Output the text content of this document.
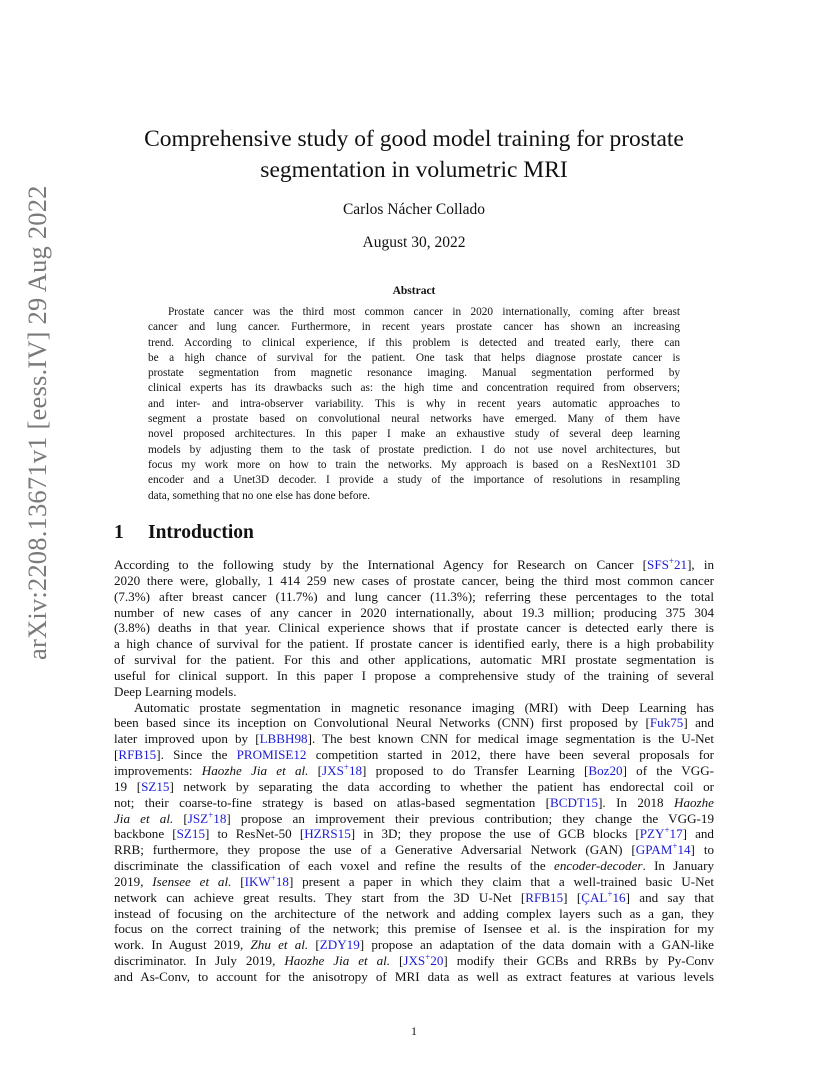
arXiv:2208.13671v1 [eess.IV] 29 Aug 2022
Comprehensive study of good model training for prostate
segmentation in volumetric MRI
Carlos Nácher Collado
August 30, 2022
Abstract
Prostate cancer was the third most common cancer in 2020 internationally, coming after breast
cancer and lung cancer. Furthermore, in recent years prostate cancer has shown an increasing
trend. According to clinical experience, if this problem is detected and treated early, there can
be a high chance of survival for the patient. One task that helps diagnose prostate cancer is
prostate segmentation from magnetic resonance imaging. Manual segmentation performed by
clinical experts has its drawbacks such as: the high time and concentration required from observers;
and inter- and intra-observer variability. This is why in recent years automatic approaches to
segment a prostate based on convolutional neural networks have emerged. Many of them have
novel proposed architectures. In this paper I make an exhaustive study of several deep learning
models by adjusting them to the task of prostate prediction. I do not use novel architectures, but
focus my work more on how to train the networks. My approach is based on a ResNext101 3D
encoder and a Unet3D decoder. I provide a study of the importance of resolutions in resampling
data, something that no one else has done before.
1 Introduction
According to the following study by the International Agency for Research on Cancer [SFS+21], in
2020 there were, globally, 1 414 259 new cases of prostate cancer, being the third most common cancer
(7.3%) after breast cancer (11.7%) and lung cancer (11.3%); referring these percentages to the total
number of new cases of any cancer in 2020 internationally, about 19.3 million; producing 375 304
(3.8%) deaths in that year. Clinical experience shows that if prostate cancer is detected early there is
a high chance of survival for the patient. If prostate cancer is identified early, there is a high probability
of survival for the patient. For this and other applications, automatic MRI prostate segmentation is
useful for clinical support. In this paper I propose a comprehensive study of the training of several
Deep Learning models.
Automatic prostate segmentation in magnetic resonance imaging (MRI) with Deep Learning has
been based since its inception on Convolutional Neural Networks (CNN) first proposed by [Fuk75] and
later improved upon by [LBBH98]. The best known CNN for medical image segmentation is the U-Net
[RFB15]. Since the PROMISE12 competition started in 2012, there have been several proposals for
improvements: Haozhe Jia et al. [JXS+18] proposed to do Transfer Learning [Boz20] of the VGG-
19 [SZ15] network by separating the data according to whether the patient has endorectal coil or
not; their coarse-to-fine strategy is based on atlas-based segmentation [BCDT15]. In 2018 Haozhe
Jia et al. [JSZ+18] propose an improvement their previous contribution; they change the VGG-19
backbone [SZ15] to ResNet-50 [HZRS15] in 3D; they propose the use of GCB blocks [PZY+17] and
RRB; furthermore, they propose the use of a Generative Adversarial Network (GAN) [GPAM+14] to
discriminate the classification of each voxel and refine the results of the encoder-decoder. In January
2019, Isensee et al. [IKW+18] present a paper in which they claim that a well-trained basic U-Net
network can achieve great results. They start from the 3D U-Net [RFB15] [ÇAL+16] and say that
instead of focusing on the architecture of the network and adding complex layers such as a gan, they
focus on the correct training of the network; this premise of Isensee et al. is the inspiration for my
work. In August 2019, Zhu et al. [ZDY19] propose an adaptation of the data domain with a GAN-like
discriminator. In July 2019, Haozhe Jia et al. [JXS+20] modify their GCBs and RRBs by Py-Conv
and As-Conv, to account for the anisotropy of MRI data as well as extract features at various levels
1
